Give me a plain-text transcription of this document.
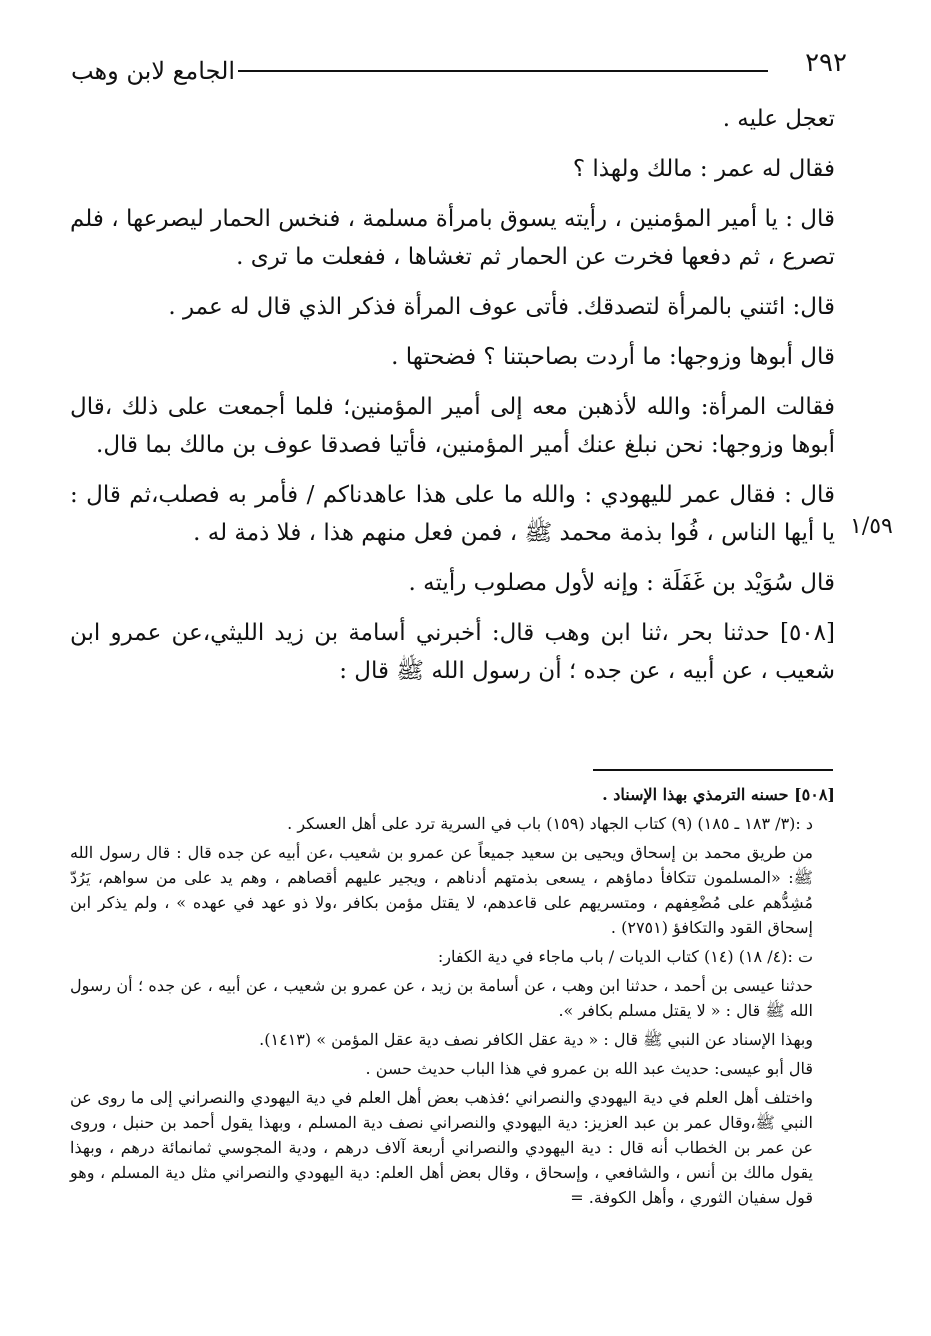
٢٩٢
الجامع لابن وهب
١/٥٩

تعجل عليه .

فقال له عمر : مالك ولهذا ؟

قال : يا أمير المؤمنين ، رأيته يسوق بامرأة مسلمة ، فنخس الحمار ليصرعها ، فلم تصرع ، ثم دفعها فخرت عن الحمار ثم تغشاها ، ففعلت ما ترى .

قال: ائتني بالمرأة لتصدقك. فأتى عوف المرأة فذكر الذي قال له عمر .

قال أبوها وزوجها: ما أردت بصاحبتنا ؟ فضحتها .

فقالت المرأة: والله لأذهبن معه إلى أمير المؤمنين؛ فلما أجمعت على ذلك ،قال أبوها وزوجها: نحن نبلغ عنك أمير المؤمنين، فأتيا فصدقا عوف بن مالك بما قال.

قال : فقال عمر لليهودي : والله ما على هذا عاهدناكم / فأمر به فصلب،ثم قال : يا أيها الناس ، فُوا بذمة محمد ﷺ ، فمن فعل منهم هذا ، فلا ذمة له .

قال سُوَيْد بن غَفَلَة : وإنه لأول مصلوب رأيته .

[٥٠٨] حدثنا بحر ،ثنا ابن وهب قال: أخبرني أسامة بن زيد الليثي،عن عمرو ابن شعيب ، عن أبيه ، عن جده ؛ أن رسول الله ﷺ قال :

[٥٠٨] حسنه الترمذي بهذا الإسناد .

د :(٣/ ١٨٣ ـ ١٨٥) (٩) كتاب الجهاد (١٥٩) باب في السرية ترد على أهل العسكر .

من طريق محمد بن إسحاق ويحيى بن سعيد جميعاً عن عمرو بن شعيب ،عن أبيه عن جده قال : قال رسول الله ﷺ: «المسلمون تتكافأ دماؤهم ، يسعى بذمتهم أدناهم ، ويجير عليهم أقصاهم ، وهم يد على من سواهم، يَرُدّ مُشِدُّهم على مُضْعِفهم ، ومتسريهم على قاعدهم، لا يقتل مؤمن بكافر ،ولا ذو عهد في عهده » ، ولم يذكر ابن إسحاق القود والتكافؤ (٢٧٥١) .

ت :(٤/ ١٨) (١٤) كتاب الديات / باب ماجاء في دية الكفار:

حدثنا عيسى بن أحمد ، حدثنا ابن وهب ، عن أسامة بن زيد ، عن عمرو بن شعيب ، عن أبيه ، عن جده ؛ أن رسول الله ﷺ قال : « لا يقتل مسلم بكافر ».

وبهذا الإسناد عن النبي ﷺ قال : « دية عقل الكافر نصف دية عقل المؤمن » (١٤١٣).

قال أبو عيسى: حديث عبد الله بن عمرو في هذا الباب حديث حسن .

واختلف أهل العلم في دية اليهودي والنصراني ؛فذهب بعض أهل العلم في دية اليهودي والنصراني إلى ما روى عن النبي ﷺ،وقال عمر بن عبد العزيز: دية اليهودي والنصراني نصف دية المسلم ، وبهذا يقول أحمد بن حنبل ، وروى عن عمر بن الخطاب أنه قال : دية اليهودي والنصراني أربعة آلاف درهم ، ودية المجوسي ثمانمائة درهم ، وبهذا يقول مالك بن أنس ، والشافعي ، وإسحاق ، وقال بعض أهل العلم: دية اليهودي والنصراني مثل دية المسلم ، وهو قول سفيان الثوري ، وأهل الكوفة. =
